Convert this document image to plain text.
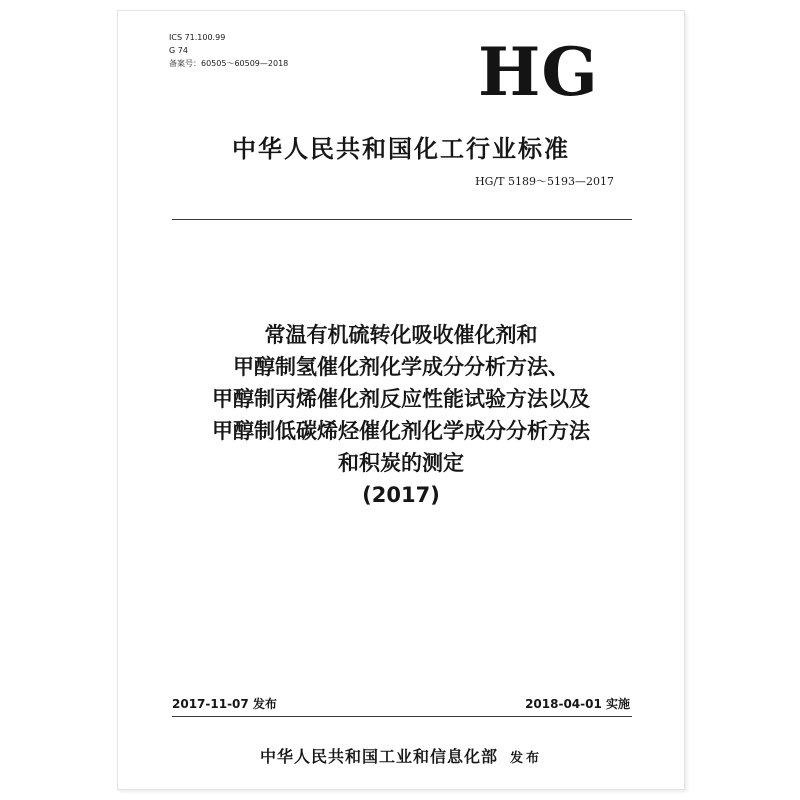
ICS 71.100.99
G 74
备案号：60505～60509—2018	HG
中华人民共和国化工行业标准
HG/T 5189～5193—2017
常温有机硫转化吸收催化剂和
甲醇制氢催化剂化学成分分析方法、
甲醇制丙烯催化剂反应性能试验方法以及
甲醇制低碳烯烃催化剂化学成分分析方法
和积炭的测定
(2017)
2017-11-07 发布	2018-04-01 实施
中华人民共和国工业和信息化部 发布
